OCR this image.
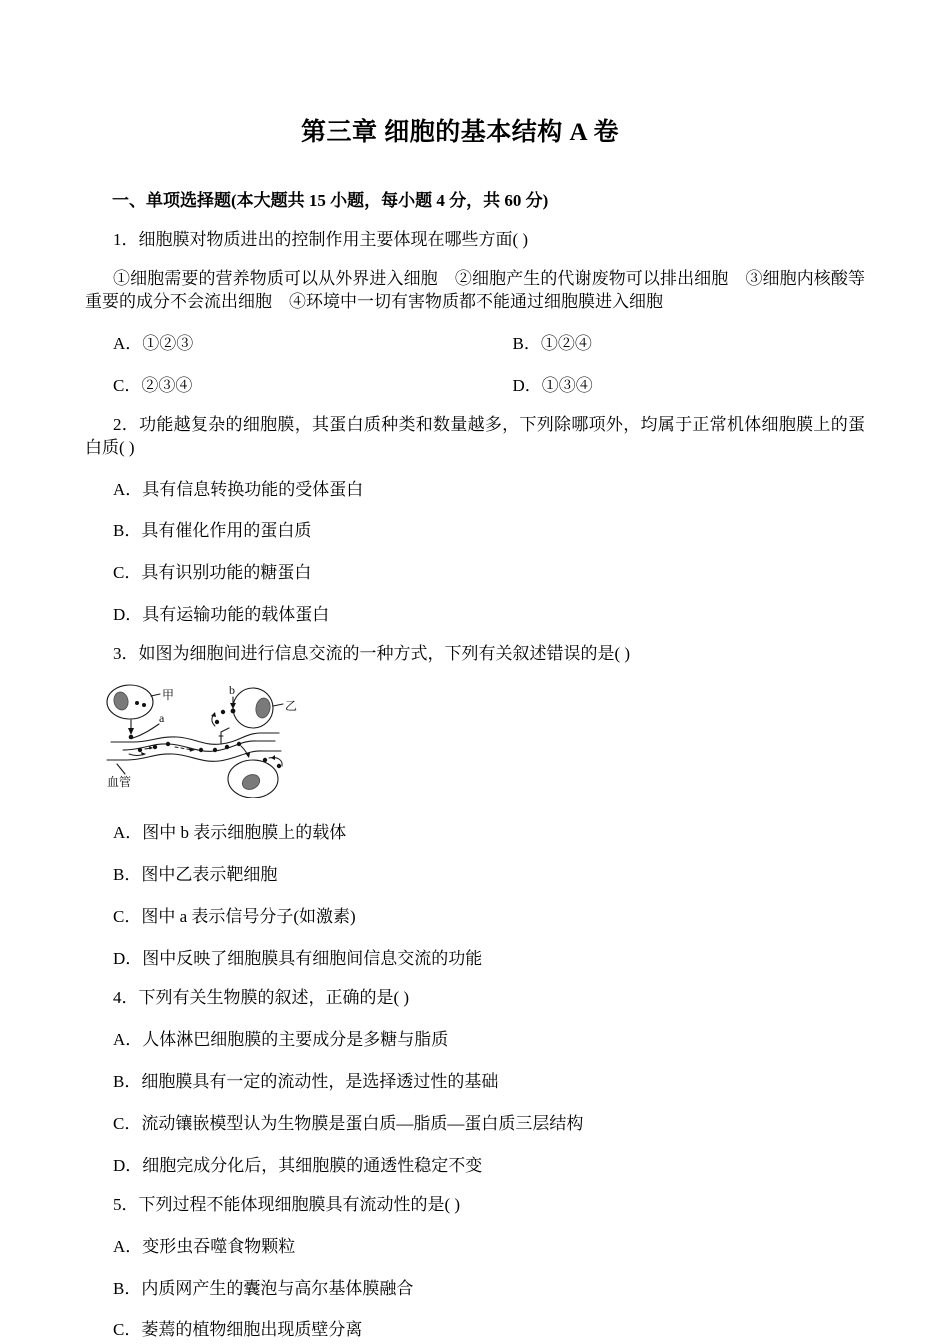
第三章 细胞的基本结构 A 卷
一、单项选择题(本大题共 15 小题，每小题 4 分，共 60 分)
1．细胞膜对物质进出的控制作用主要体现在哪些方面( )
①细胞需要的营养物质可以从外界进入细胞　②细胞产生的代谢废物可以排出细胞　③细胞内核酸等重要的成分不会流出细胞　④环境中一切有害物质都不能通过细胞膜进入细胞
A．①②③	B．①②④
C．②③④	D．①③④
2．功能越复杂的细胞膜，其蛋白质种类和数量越多，下列除哪项外，均属于正常机体细胞膜上的蛋白质( )
A．具有信息转换功能的受体蛋白
B．具有催化作用的蛋白质
C．具有识别功能的糖蛋白
D．具有运输功能的载体蛋白
3．如图为细胞间进行信息交流的一种方式，下列有关叙述错误的是( )
甲
乙
a
b
血管
A．图中 b 表示细胞膜上的载体
B．图中乙表示靶细胞
C．图中 a 表示信号分子(如激素)
D．图中反映了细胞膜具有细胞间信息交流的功能
4．下列有关生物膜的叙述，正确的是( )
A．人体淋巴细胞膜的主要成分是多糖与脂质
B．细胞膜具有一定的流动性，是选择透过性的基础
C．流动镶嵌模型认为生物膜是蛋白质—脂质—蛋白质三层结构
D．细胞完成分化后，其细胞膜的通透性稳定不变
5．下列过程不能体现细胞膜具有流动性的是( )
A．变形虫吞噬食物颗粒
B．内质网产生的囊泡与高尔基体膜融合
C．萎蔫的植物细胞出现质壁分离
